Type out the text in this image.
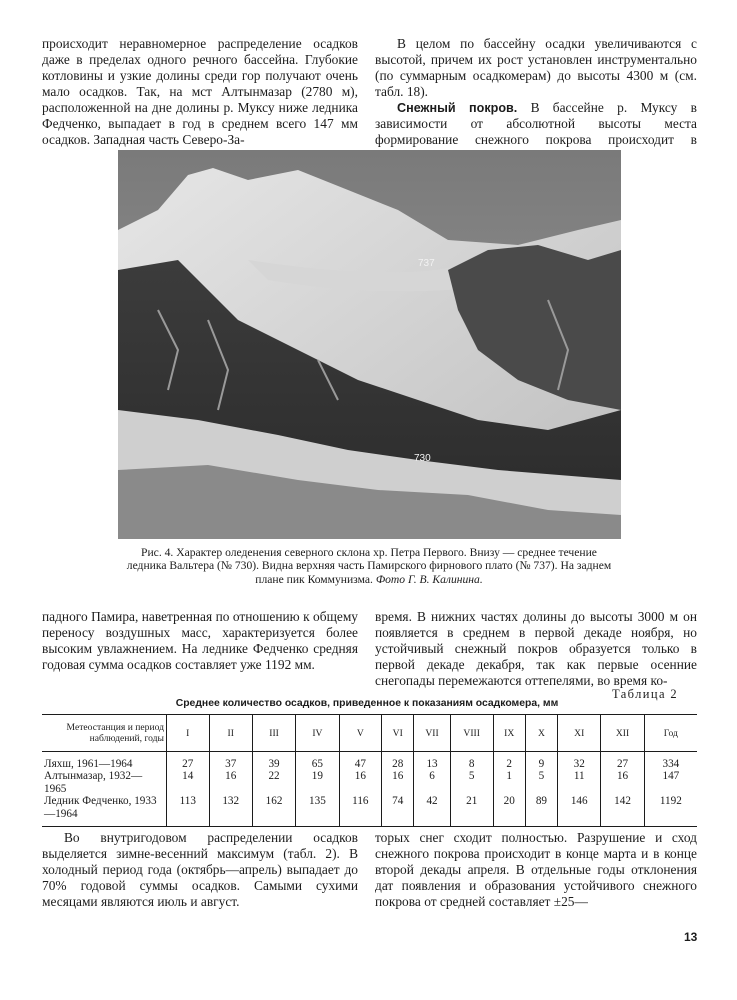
происходит неравномерное распределение осадков даже в пределах одного речного бассейна. Глубокие котловины и узкие долины среди гор получают очень мало осадков. Так, на мст Алтынмазар (2780 м), расположенной на дне долины р. Муксу ниже ледника Федченко, выпадает в год в среднем всего 147 мм осадков. Западная часть Северо-За-

В целом по бассейну осадки увеличиваются с высотой, причем их рост установлен инструментально (по суммарным осадкомерам) до высоты 4300 м (см. табл. 18).

Снежный покров. В бассейне р. Муксу в зависимости от абсолютной высоты места формирование снежного покрова происходит в

737
730
Рис. 4. Характер оледенения северного склона хр. Петра Первого. Внизу — среднее течение ледника Вальтера (№ 730). Видна верхняя часть Памирского фирнового плато (№ 737). На заднем плане пик Коммунизма. Фото Г. В. Калинина.

падного Памира, наветренная по отношению к общему переносу воздушных масс, характеризуется более высоким увлажнением. На леднике Федченко средняя годовая сумма осадков составляет уже 1192 мм.

время. В нижних частях долины до высоты 3000 м он появляется в среднем в первой декаде ноября, но устойчивый снежный покров образуется только в первой декаде декабря, так как первые осенние снегопады перемежаются оттепелями, во время ко-

Таблица 2
Среднее количество осадков, приведенное к показаниям осадкомера, мм
Метеостанция и период наблюдений, годы	I	II	III	IV	V	VI	VII	VIII	IX	X	XI	XII	Год
Ляхш, 1961—1964	27	37	39	65	47	28	13	8	2	9	32	27	334
Алтынмазар, 1932—1965	14	16	22	19	16	16	6	5	1	5	11	16	147
Ледник Федченко, 1933—1964	113	132	162	135	116	74	42	21	20	89	146	142	1192

Во внутригодовом распределении осадков выделяется зимне-весенний максимум (табл. 2). В холодный период года (октябрь—апрель) выпадает до 70% годовой суммы осадков. Самыми сухими месяцами являются июль и август.

торых снег сходит полностью. Разрушение и сход снежного покрова происходит в конце марта и в конце второй декады апреля. В отдельные годы отклонения дат появления и образования устойчивого снежного покрова от средней составляет ±25—

13
